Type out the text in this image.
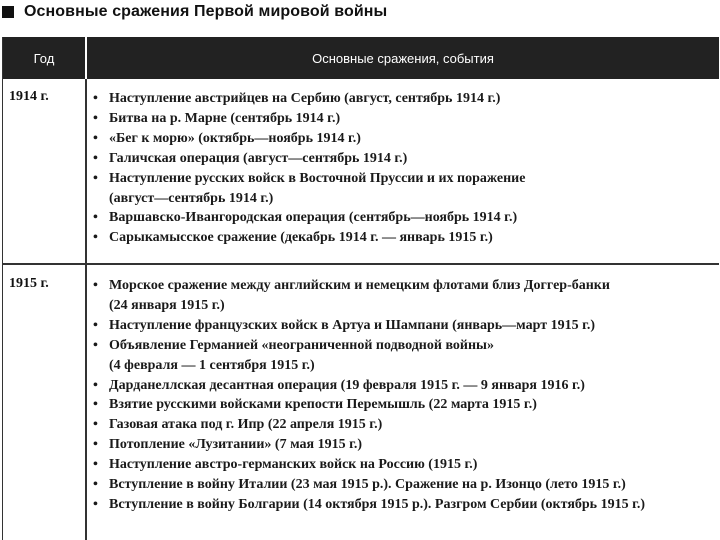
Основные сражения Первой мировой войны
Год	Основные сражения, события
1914 г.	• Наступление австрийцев на Сербию (август, сентябрь 1914 г.)
• Битва на р. Марне (сентябрь 1914 г.)
• «Бег к морю» (октябрь—ноябрь 1914 г.)
• Галичская операция (август—сентябрь 1914 г.)
• Наступление русских войск в Восточной Пруссии и их поражение
(август—сентябрь 1914 г.)
• Варшавско-Ивангородская операция (сентябрь—ноябрь 1914 г.)
• Сарыкамысское сражение (декабрь 1914 г. — январь 1915 г.)
1915 г.	• Морское сражение между английским и немецким флотами близ Доггер-банки
(24 января 1915 г.)
• Наступление французских войск в Артуа и Шампани (январь—март 1915 г.)
• Объявление Германией «неограниченной подводной войны»
(4 февраля — 1 сентября 1915 г.)
• Дарданеллская десантная операция (19 февраля 1915 г. — 9 января 1916 г.)
• Взятие русскими войсками крепости Перемышль (22 марта 1915 г.)
• Газовая атака под г. Ипр (22 апреля 1915 г.)
• Потопление «Лузитании» (7 мая 1915 г.)
• Наступление австро-германских войск на Россию (1915 г.)
• Вступление в войну Италии (23 мая 1915 р.). Сражение на р. Изонцо (лето 1915 г.)
• Вступление в войну Болгарии (14 октября 1915 р.). Разгром Сербии (октябрь 1915 г.)
